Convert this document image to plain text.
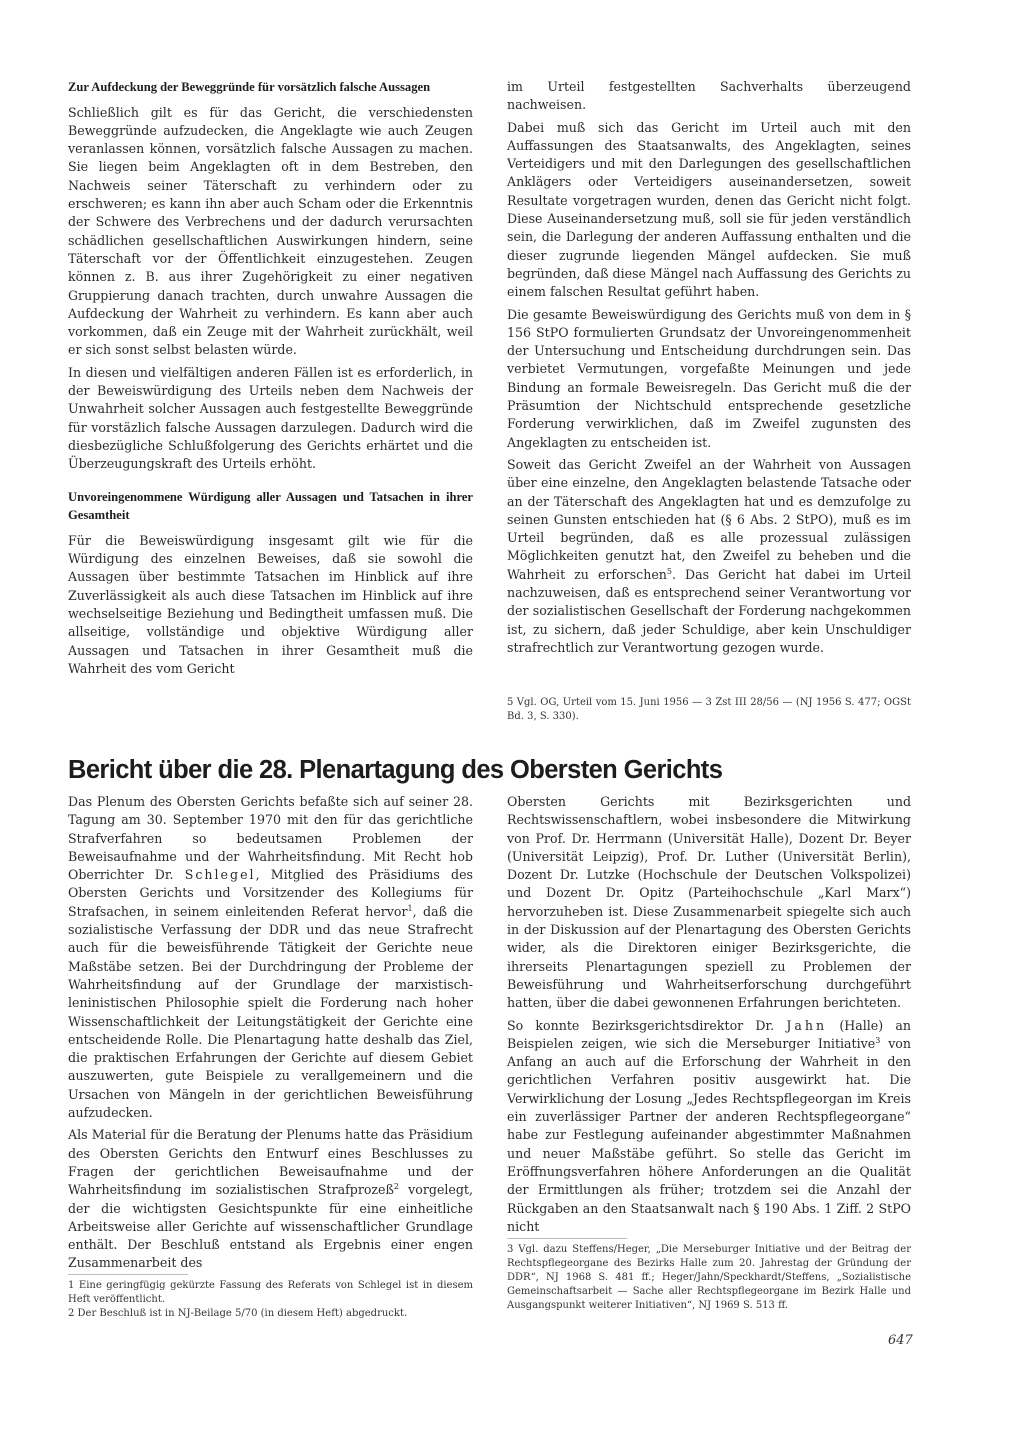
Zur Aufdeckung der Beweggründe für vorsätzlich falsche Aussagen

Schließlich gilt es für das Gericht, die verschiedensten Beweggründe aufzudecken, die Angeklagte wie auch Zeugen veranlassen können, vorsätzlich falsche Aussagen zu machen. Sie liegen beim Angeklagten oft in dem Bestreben, den Nachweis seiner Täterschaft zu verhindern oder zu erschweren; es kann ihn aber auch Scham oder die Erkenntnis der Schwere des Verbrechens und der dadurch verursachten schädlichen gesellschaftlichen Auswirkungen hindern, seine Täterschaft vor der Öffentlichkeit einzugestehen. Zeugen können z. B. aus ihrer Zugehörigkeit zu einer negativen Gruppierung danach trachten, durch unwahre Aussagen die Aufdeckung der Wahrheit zu verhindern. Es kann aber auch vorkommen, daß ein Zeuge mit der Wahrheit zurückhält, weil er sich sonst selbst belasten würde.

In diesen und vielfältigen anderen Fällen ist es erforderlich, in der Beweiswürdigung des Urteils neben dem Nachweis der Unwahrheit solcher Aussagen auch festgestellte Beweggründe für vorstäzlich falsche Aussagen darzulegen. Dadurch wird die diesbezügliche Schlußfolgerung des Gerichts erhärtet und die Überzeugungskraft des Urteils erhöht.

Unvoreingenommene Würdigung aller Aussagen und Tatsachen in ihrer Gesamtheit

Für die Beweiswürdigung insgesamt gilt wie für die Würdigung des einzelnen Beweises, daß sie sowohl die Aussagen über bestimmte Tatsachen im Hinblick auf ihre Zuverlässigkeit als auch diese Tatsachen im Hinblick auf ihre wechselseitige Beziehung und Bedingtheit umfassen muß. Die allseitige, vollständige und objektive Würdigung aller Aussagen und Tatsachen in ihrer Gesamtheit muß die Wahrheit des vom Gericht

im Urteil festgestellten Sachverhalts überzeugend nachweisen.

Dabei muß sich das Gericht im Urteil auch mit den Auffassungen des Staatsanwalts, des Angeklagten, seines Verteidigers und mit den Darlegungen des gesellschaftlichen Anklägers oder Verteidigers auseinandersetzen, soweit Resultate vorgetragen wurden, denen das Gericht nicht folgt. Diese Auseinandersetzung muß, soll sie für jeden verständlich sein, die Darlegung der anderen Auffassung enthalten und die dieser zugrunde liegenden Mängel aufdecken. Sie muß begründen, daß diese Mängel nach Auffassung des Gerichts zu einem falschen Resultat geführt haben.

Die gesamte Beweiswürdigung des Gerichts muß von dem in § 156 StPO formulierten Grundsatz der Unvoreingenommenheit der Untersuchung und Entscheidung durchdrungen sein. Das verbietet Vermutungen, vorgefaßte Meinungen und jede Bindung an formale Beweisregeln. Das Gericht muß die der Präsumtion der Nichtschuld entsprechende gesetzliche Forderung verwirklichen, daß im Zweifel zugunsten des Angeklagten zu entscheiden ist.

Soweit das Gericht Zweifel an der Wahrheit von Aussagen über eine einzelne, den Angeklagten belastende Tatsache oder an der Täterschaft des Angeklagten hat und es demzufolge zu seinen Gunsten entschieden hat (§ 6 Abs. 2 StPO), muß es im Urteil begründen, daß es alle prozessual zulässigen Möglichkeiten genutzt hat, den Zweifel zu beheben und die Wahrheit zu erforschen$^5$. Das Gericht hat dabei im Urteil nachzuweisen, daß es entsprechend seiner Verantwortung vor der sozialistischen Gesellschaft der Forderung nachgekommen ist, zu sichern, daß jeder Schuldige, aber kein Unschuldiger strafrechtlich zur Verantwortung gezogen wurde.

5 Vgl. OG, Urteil vom 15. Juni 1956 — 3 Zst III 28/56 — (NJ 1956 S. 477; OGSt Bd. 3, S. 330).

Bericht über die 28. Plenartagung des Obersten Gerichts

Das Plenum des Obersten Gerichts befaßte sich auf seiner 28. Tagung am 30. September 1970 mit den für das gerichtliche Strafverfahren so bedeutsamen Problemen der Beweisaufnahme und der Wahrheitsfindung. Mit Recht hob Oberrichter Dr. Schlegel, Mitglied des Präsidiums des Obersten Gerichts und Vorsitzender des Kollegiums für Strafsachen, in seinem einleitenden Referat hervor$^1$, daß die sozialistische Verfassung der DDR und das neue Strafrecht auch für die beweisführende Tätigkeit der Gerichte neue Maßstäbe setzen. Bei der Durchdringung der Probleme der Wahrheitsfindung auf der Grundlage der marxistisch-leninistischen Philosophie spielt die Forderung nach hoher Wissenschaftlichkeit der Leitungstätigkeit der Gerichte eine entscheidende Rolle. Die Plenartagung hatte deshalb das Ziel, die praktischen Erfahrungen der Gerichte auf diesem Gebiet auszuwerten, gute Beispiele zu verallgemeinern und die Ursachen von Mängeln in der gerichtlichen Beweisführung aufzudecken.

Als Material für die Beratung der Plenums hatte das Präsidium des Obersten Gerichts den Entwurf eines Beschlusses zu Fragen der gerichtlichen Beweisaufnahme und der Wahrheitsfindung im sozialistischen Strafprozeß$^2$ vorgelegt, der die wichtigsten Gesichtspunkte für eine einheitliche Arbeitsweise aller Gerichte auf wissenschaftlicher Grundlage enthält. Der Beschluß entstand als Ergebnis einer engen Zusammenarbeit des

1 Eine geringfügig gekürzte Fassung des Referats von Schlegel ist in diesem Heft veröffentlicht.

2 Der Beschluß ist in NJ-Beilage 5/70 (in diesem Heft) abgedruckt.

Obersten Gerichts mit Bezirksgerichten und Rechtswissenschaftlern, wobei insbesondere die Mitwirkung von Prof. Dr. Herrmann (Universität Halle), Dozent Dr. Beyer (Universität Leipzig), Prof. Dr. Luther (Universität Berlin), Dozent Dr. Lutzke (Hochschule der Deutschen Volkspolizei) und Dozent Dr. Opitz (Parteihochschule „Karl Marx“) hervorzuheben ist. Diese Zusammenarbeit spiegelte sich auch in der Diskussion auf der Plenartagung des Obersten Gerichts wider, als die Direktoren einiger Bezirksgerichte, die ihrerseits Plenartagungen speziell zu Problemen der Beweisführung und Wahrheitserforschung durchgeführt hatten, über die dabei gewonnenen Erfahrungen berichteten.

So konnte Bezirksgerichtsdirektor Dr. Jahn (Halle) an Beispielen zeigen, wie sich die Merseburger Initiative$^3$ von Anfang an auch auf die Erforschung der Wahrheit in den gerichtlichen Verfahren positiv ausgewirkt hat. Die Verwirklichung der Losung „Jedes Rechtspflegeorgan im Kreis ein zuverlässiger Partner der anderen Rechtspflegeorgane“ habe zur Festlegung aufeinander abgestimmter Maßnahmen und neuer Maßstäbe geführt. So stelle das Gericht im Eröffnungsverfahren höhere Anforderungen an die Qualität der Ermittlungen als früher; trotzdem sei die Anzahl der Rückgaben an den Staatsanwalt nach § 190 Abs. 1 Ziff. 2 StPO nicht

3 Vgl. dazu Steffens/Heger, „Die Merseburger Initiative und der Beitrag der Rechtspflegeorgane des Bezirks Halle zum 20. Jahrestag der Gründung der DDR“, NJ 1968 S. 481 ff.; Heger/Jahn/Speckhardt/Steffens, „Sozialistische Gemeinschaftsarbeit — Sache aller Rechtspflegeorgane im Bezirk Halle und Ausgangspunkt weiterer Initiativen“, NJ 1969 S. 513 ff.

647
